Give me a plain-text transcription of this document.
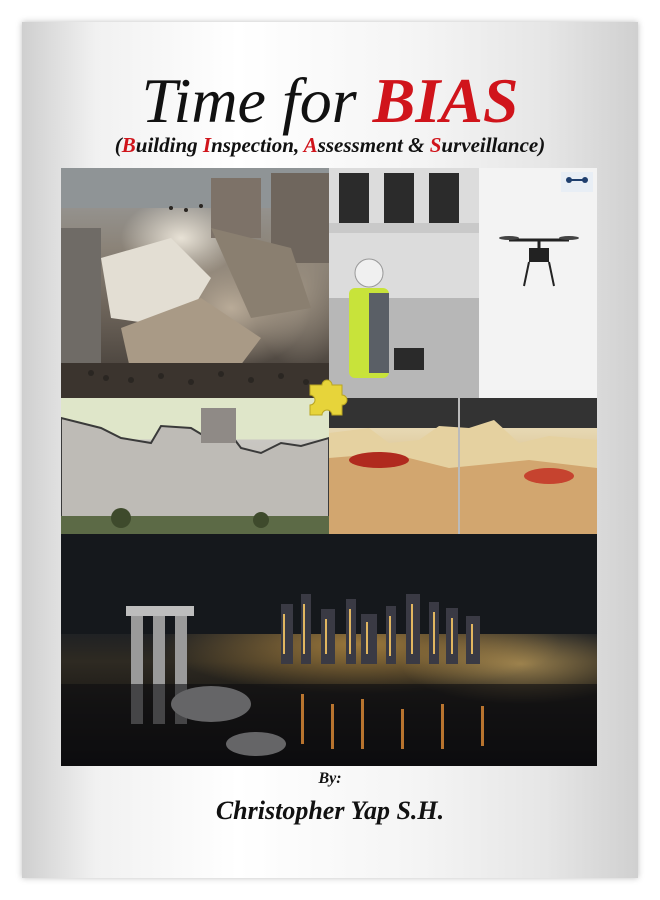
Time for BIAS
(Building Inspection, Assessment & Surveillance)
By:
Christopher Yap S.H.
